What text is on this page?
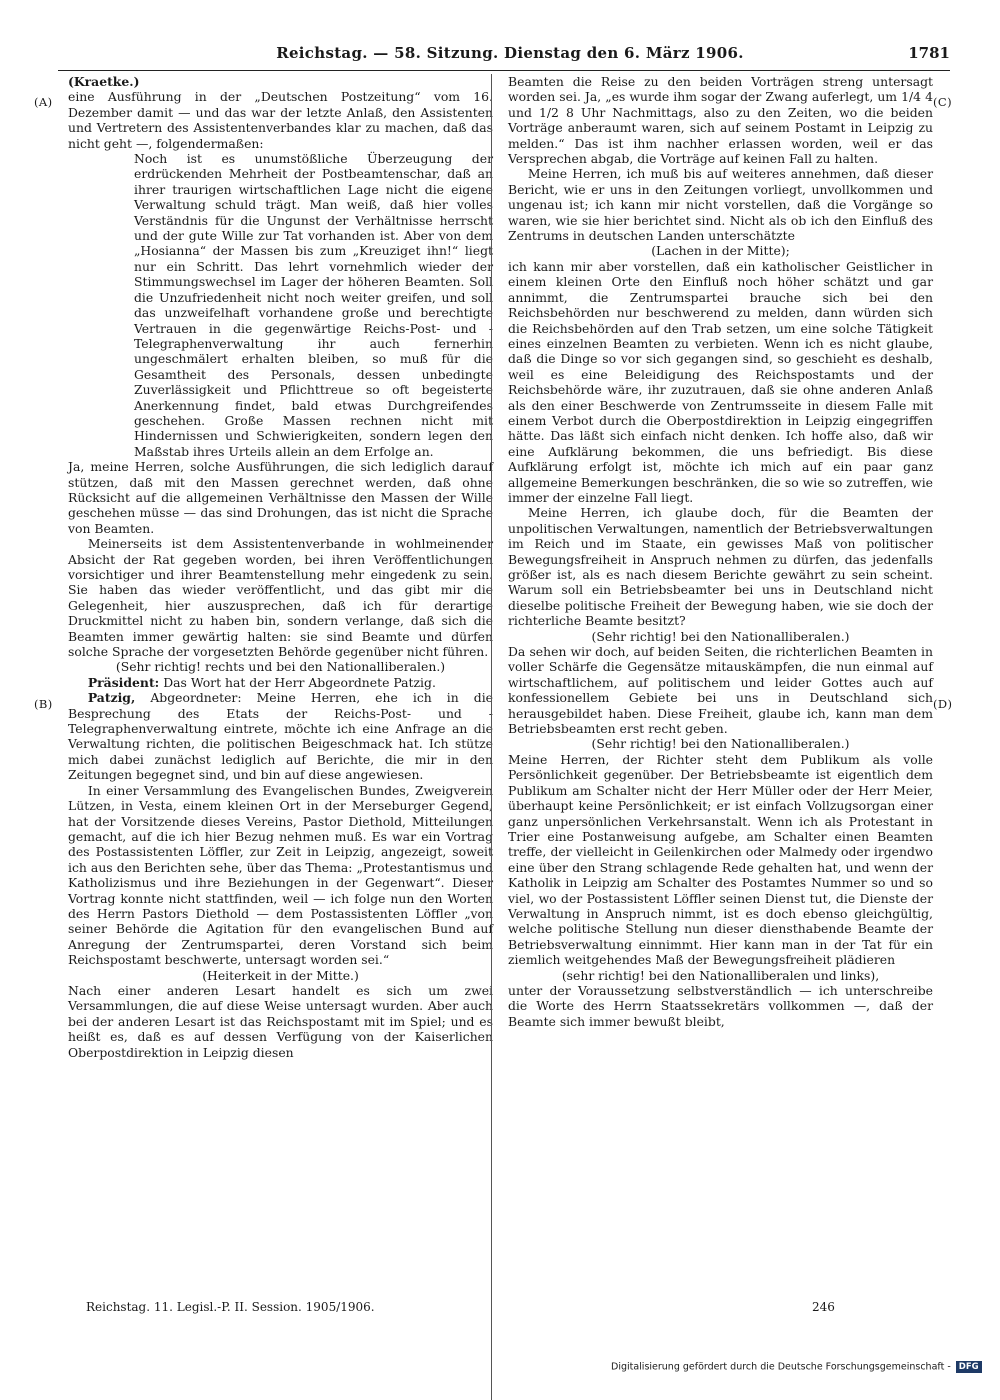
Reichstag. — 58. Sitzung. Dienstag den 6. März 1906.	1781
(A)
(B)
(C)
(D)

(Kraetke.)

eine Ausführung in der „Deutschen Postzeitung“ vom 16. Dezember damit — und das war der letzte Anlaß, den Assistenten und Vertretern des Assistentenverbandes klar zu machen, daß das nicht geht —, folgendermaßen:

Noch ist es unumstößliche Überzeugung der erdrückenden Mehrheit der Postbeamtenschar, daß an ihrer traurigen wirtschaftlichen Lage nicht die eigene Verwaltung schuld trägt. Man weiß, daß hier volles Verständnis für die Ungunst der Verhältnisse herrscht und der gute Wille zur Tat vorhanden ist. Aber von dem „Hosianna“ der Massen bis zum „Kreuziget ihn!“ liegt nur ein Schritt. Das lehrt vornehmlich wieder der Stimmungswechsel im Lager der höheren Beamten. Soll die Unzufriedenheit nicht noch weiter greifen, und soll das unzweifelhaft vorhandene große und berechtigte Vertrauen in die gegenwärtige Reichs-Post- und -Telegraphenverwaltung ihr auch fernerhin ungeschmälert erhalten bleiben, so muß für die Gesamtheit des Personals, dessen unbedingte Zuverlässigkeit und Pflichttreue so oft begeisterte Anerkennung findet, bald etwas Durchgreifendes geschehen. Große Massen rechnen nicht mit Hindernissen und Schwierigkeiten, sondern legen den Maßstab ihres Urteils allein an dem Erfolge an.

Ja, meine Herren, solche Ausführungen, die sich lediglich darauf stützen, daß mit den Massen gerechnet werden, daß ohne Rücksicht auf die allgemeinen Verhältnisse den Massen der Wille geschehen müsse — das sind Drohungen, das ist nicht die Sprache von Beamten.

Meinerseits ist dem Assistentenverbande in wohlmeinender Absicht der Rat gegeben worden, bei ihren Veröffentlichungen vorsichtiger und ihrer Beamtenstellung mehr eingedenk zu sein. Sie haben das wieder veröffentlicht, und das gibt mir die Gelegenheit, hier auszusprechen, daß ich für derartige Druckmittel nicht zu haben bin, sondern verlange, daß sich die Beamten immer gewärtig halten: sie sind Beamte und dürfen solche Sprache der vorgesetzten Behörde gegenüber nicht führen.

(Sehr richtig! rechts und bei den Nationalliberalen.)

Präsident: Das Wort hat der Herr Abgeordnete Patzig.

Patzig, Abgeordneter: Meine Herren, ehe ich in die Besprechung des Etats der Reichs-Post- und -Telegraphenverwaltung eintrete, möchte ich eine Anfrage an die Verwaltung richten, die politischen Beigeschmack hat. Ich stütze mich dabei zunächst lediglich auf Berichte, die mir in den Zeitungen begegnet sind, und bin auf diese angewiesen.

In einer Versammlung des Evangelischen Bundes, Zweigverein Lützen, in Vesta, einem kleinen Ort in der Merseburger Gegend, hat der Vorsitzende dieses Vereins, Pastor Diethold, Mitteilungen gemacht, auf die ich hier Bezug nehmen muß. Es war ein Vortrag des Postassistenten Löffler, zur Zeit in Leipzig, angezeigt, soweit ich aus den Berichten sehe, über das Thema: „Protestantismus und Katholizismus und ihre Beziehungen in der Gegenwart“. Dieser Vortrag konnte nicht stattfinden, weil — ich folge nun den Worten des Herrn Pastors Diethold — dem Postassistenten Löffler „von seiner Behörde die Agitation für den evangelischen Bund auf Anregung der Zentrumspartei, deren Vorstand sich beim Reichspostamt beschwerte, untersagt worden sei.“

(Heiterkeit in der Mitte.)

Nach einer anderen Lesart handelt es sich um zwei Versammlungen, die auf diese Weise untersagt wurden. Aber auch bei der anderen Lesart ist das Reichspostamt mit im Spiel; und es heißt es, daß es auf dessen Verfügung von der Kaiserlichen Oberpostdirektion in Leipzig diesen

Beamten die Reise zu den beiden Vorträgen streng untersagt worden sei. Ja, „es wurde ihm sogar der Zwang auferlegt, um 1/4 4 und 1/2 8 Uhr Nachmittags, also zu den Zeiten, wo die beiden Vorträge anberaumt waren, sich auf seinem Postamt in Leipzig zu melden.“ Das ist ihm nachher erlassen worden, weil er das Versprechen abgab, die Vorträge auf keinen Fall zu halten.

Meine Herren, ich muß bis auf weiteres annehmen, daß dieser Bericht, wie er uns in den Zeitungen vorliegt, unvollkommen und ungenau ist; ich kann mir nicht vorstellen, daß die Vorgänge so waren, wie sie hier berichtet sind. Nicht als ob ich den Einfluß des Zentrums in deutschen Landen unterschätzte

(Lachen in der Mitte);

ich kann mir aber vorstellen, daß ein katholischer Geistlicher in einem kleinen Orte den Einfluß noch höher schätzt und gar annimmt, die Zentrumspartei brauche sich bei den Reichsbehörden nur beschwerend zu melden, dann würden sich die Reichsbehörden auf den Trab setzen, um eine solche Tätigkeit eines einzelnen Beamten zu verbieten. Wenn ich es nicht glaube, daß die Dinge so vor sich gegangen sind, so geschieht es deshalb, weil es eine Beleidigung des Reichspostamts und der Reichsbehörde wäre, ihr zuzutrauen, daß sie ohne anderen Anlaß als den einer Beschwerde von Zentrumsseite in diesem Falle mit einem Verbot durch die Oberpostdirektion in Leipzig eingegriffen hätte. Das läßt sich einfach nicht denken. Ich hoffe also, daß wir eine Aufklärung bekommen, die uns befriedigt. Bis diese Aufklärung erfolgt ist, möchte ich mich auf ein paar ganz allgemeine Bemerkungen beschränken, die so wie so zutreffen, wie immer der einzelne Fall liegt.

Meine Herren, ich glaube doch, für die Beamten der unpolitischen Verwaltungen, namentlich der Betriebsverwaltungen im Reich und im Staate, ein gewisses Maß von politischer Bewegungsfreiheit in Anspruch nehmen zu dürfen, das jedenfalls größer ist, als es nach diesem Berichte gewährt zu sein scheint. Warum soll ein Betriebsbeamter bei uns in Deutschland nicht dieselbe politische Freiheit der Bewegung haben, wie sie doch der richterliche Beamte besitzt?

(Sehr richtig! bei den Nationalliberalen.)

Da sehen wir doch, auf beiden Seiten, die richterlichen Beamten in voller Schärfe die Gegensätze mitauskämpfen, die nun einmal auf wirtschaftlichem, auf politischem und leider Gottes auch auf konfessionellem Gebiete bei uns in Deutschland sich herausgebildet haben. Diese Freiheit, glaube ich, kann man dem Betriebsbeamten erst recht geben.

(Sehr richtig! bei den Nationalliberalen.)

Meine Herren, der Richter steht dem Publikum als volle Persönlichkeit gegenüber. Der Betriebsbeamte ist eigentlich dem Publikum am Schalter nicht der Herr Müller oder der Herr Meier, überhaupt keine Persönlichkeit; er ist einfach Vollzugsorgan einer ganz unpersönlichen Verkehrsanstalt. Wenn ich als Protestant in Trier eine Postanweisung aufgebe, am Schalter einen Beamten treffe, der vielleicht in Geilenkirchen oder Malmedy oder irgendwo eine über den Strang schlagende Rede gehalten hat, und wenn der Katholik in Leipzig am Schalter des Postamtes Nummer so und so viel, wo der Postassistent Löffler seinen Dienst tut, die Dienste der Verwaltung in Anspruch nimmt, ist es doch ebenso gleichgültig, welche politische Stellung nun dieser diensthabende Beamte der Betriebsverwaltung einnimmt. Hier kann man in der Tat für ein ziemlich weitgehendes Maß der Bewegungsfreiheit plädieren

(sehr richtig! bei den Nationalliberalen und links),

unter der Voraussetzung selbstverständlich — ich unterschreibe die Worte des Herrn Staatssekretärs vollkommen —, daß der Beamte sich immer bewußt bleibt,

Reichstag. 11. Legisl.-P. II. Session. 1905/1906.	246
Digitalisierung gefördert durch die Deutsche Forschungsgemeinschaft - DFG
